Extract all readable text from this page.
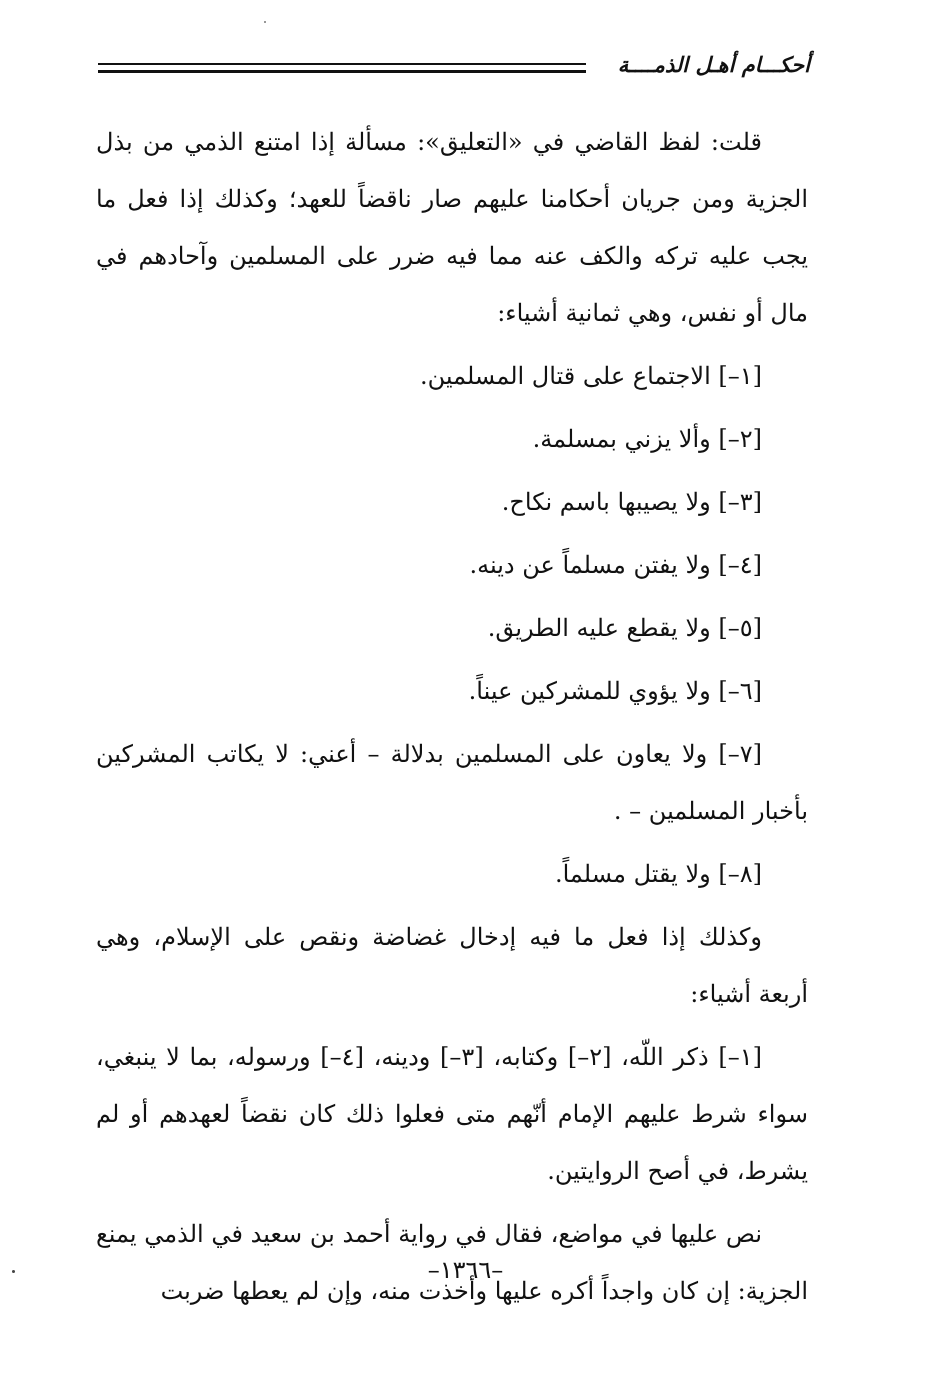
أحكـــام أهـل الذمــــة

قلت: لفظ القاضي في «التعليق»: مسألة إذا امتنع الذمي من بذل الجزية ومن جريان أحكامنا عليهم صار ناقضاً للعهد؛ وكذلك إذا فعل ما يجب عليه تركه والكف عنه مما فيه ضرر على المسلمين وآحادهم في مال أو نفس، وهي ثمانية أشياء:

[١–] الاجتماع على قتال المسلمين.

[٢–] وألا يزني بمسلمة.

[٣–] ولا يصيبها باسم نكاح.

[٤–] ولا يفتن مسلماً عن دينه.

[٥–] ولا يقطع عليه الطريق.

[٦–] ولا يؤوي للمشركين عيناً.

[٧–] ولا يعاون على المسلمين بدلالة – أعني: لا يكاتب المشركين بأخبار المسلمين – .

[٨–] ولا يقتل مسلماً.

وكذلك إذا فعل ما فيه إدخال غضاضة ونقص على الإسلام، وهي أربعة أشياء:

[١–] ذكر اللّه، [٢–] وكتابه، [٣–] ودينه، [٤–] ورسوله، بما لا ينبغي، سواء شرط عليهم الإمام أنّهم متى فعلوا ذلك كان نقضاً لعهدهم أو لم يشرط، في أصح الروايتين.

نص عليها في مواضع، فقال في رواية أحمد بن سعيد في الذمي يمنع الجزية: إن كان واجداً أكره عليها وأخذت منه، وإن لم يعطها ضربت

–١٣٦٦–
